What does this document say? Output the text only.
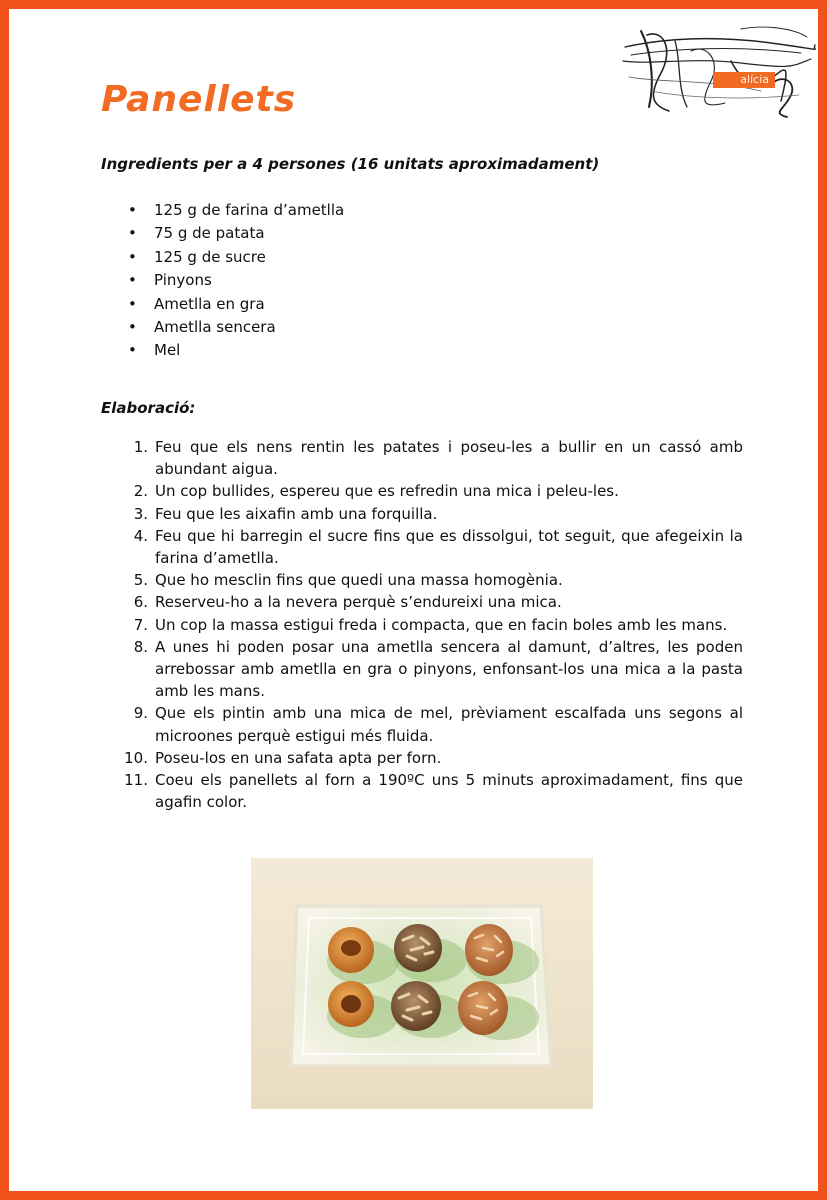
alícia
Panellets
Ingredients per a 4 persones (16 unitats aproximadament)
• 125 g de farina d’ametlla
• 75 g de patata
• 125 g de sucre
• Pinyons
• Ametlla en gra
• Ametlla sencera
• Mel
Elaboració:
1. Feu que els nens rentin les patates i poseu-les a bullir en un cassó amb abundant aigua.
2. Un cop bullides, espereu que es refredin una mica i peleu-les.
3. Feu que les aixafin amb una forquilla.
4. Feu que hi barregin el sucre fins que es dissolgui, tot seguit, que afegeixin la farina d’ametlla.
5. Que ho mesclin fins que quedi una massa homogènia.
6. Reserveu-ho a la nevera perquè s’endureixi una mica.
7. Un cop la massa estigui freda i compacta, que en facin boles amb les mans.
8. A unes hi poden posar una ametlla sencera al damunt, d’altres, les poden arrebossar amb ametlla en gra o pinyons, enfonsant-los una mica a la pasta amb les mans.
9. Que els pintin amb una mica de mel, prèviament escalfada uns segons al microones perquè estigui més fluida.
10. Poseu-los en una safata apta per forn.
11. Coeu els panellets al forn a 190ºC uns 5 minuts aproximadament, fins que agafin color.
